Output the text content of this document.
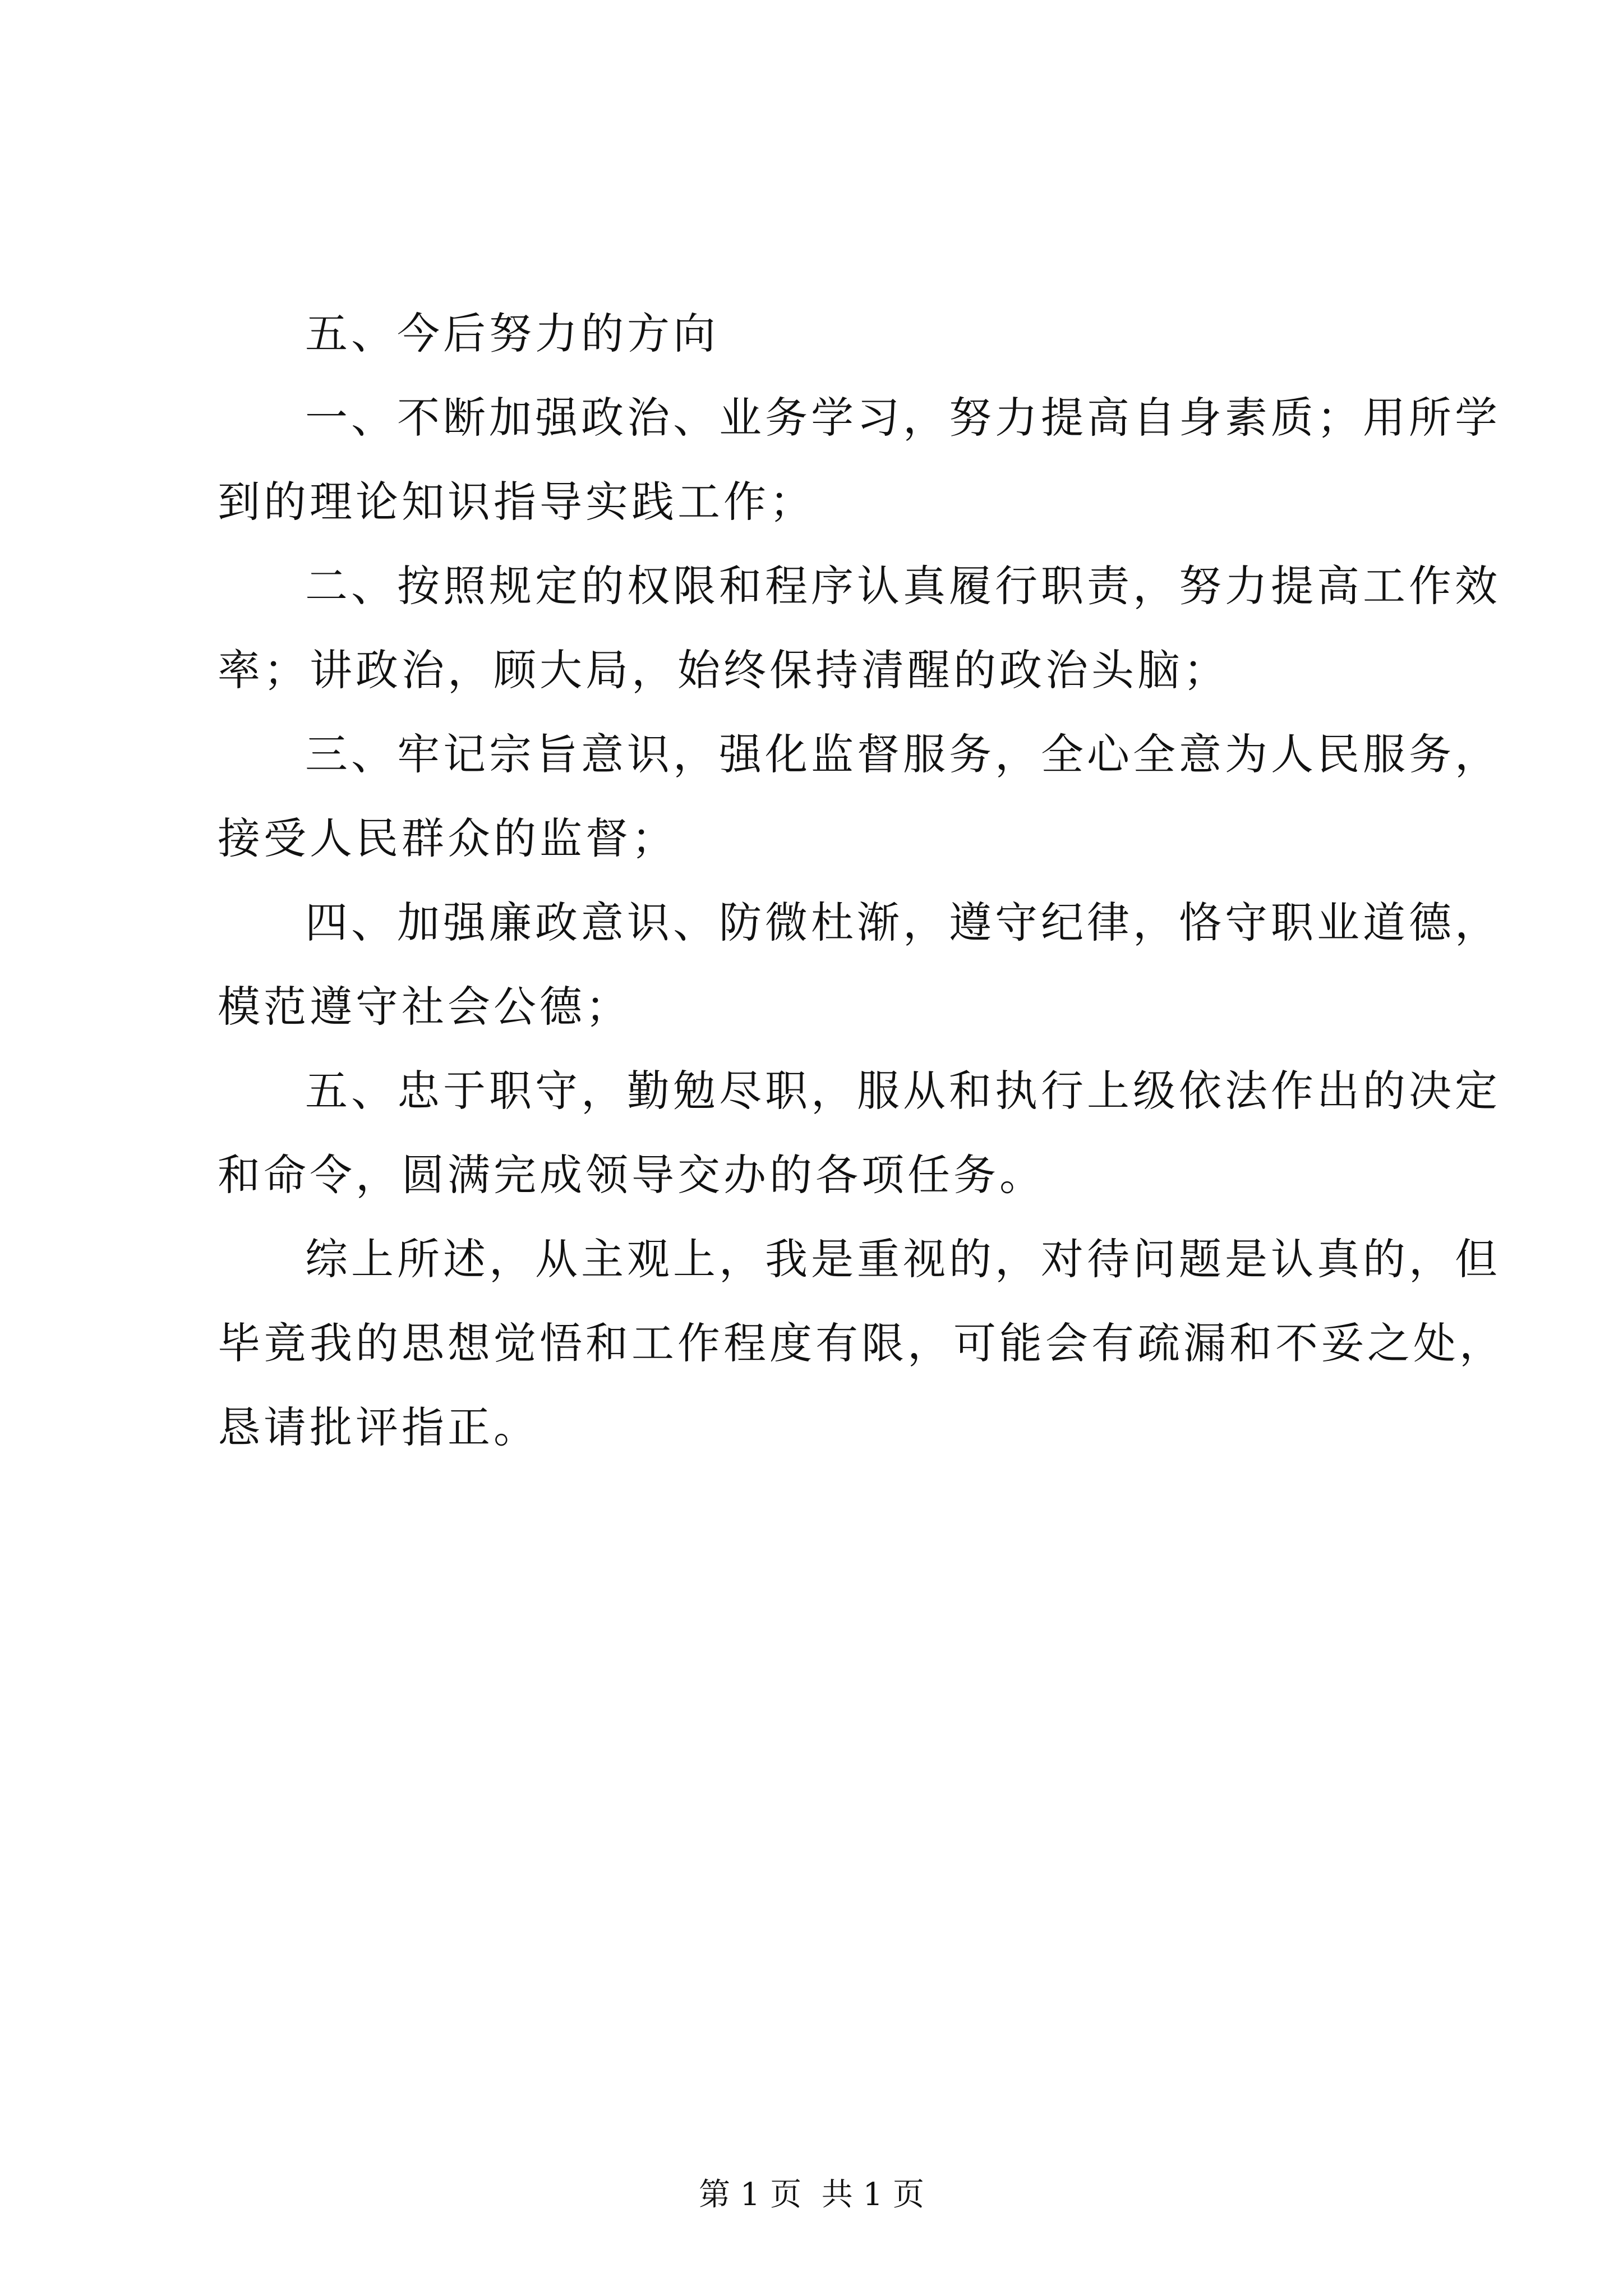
五、今后努力的方向
一、不断加强政治、业务学习，努力提高自身素质；用所学
到的理论知识指导实践工作；
二、按照规定的权限和程序认真履行职责，努力提高工作效
率；讲政治，顾大局，始终保持清醒的政治头脑；
三、牢记宗旨意识，强化监督服务，全心全意为人民服务，
接受人民群众的监督；
四、加强廉政意识、防微杜渐，遵守纪律，恪守职业道德，
模范遵守社会公德；
五、忠于职守，勤勉尽职，服从和执行上级依法作出的决定
和命令，圆满完成领导交办的各项任务。
综上所述，从主观上，我是重视的，对待问题是认真的，但
毕竟我的思想觉悟和工作程度有限，可能会有疏漏和不妥之处，
恳请批评指正。
第 1 页  共 1 页
